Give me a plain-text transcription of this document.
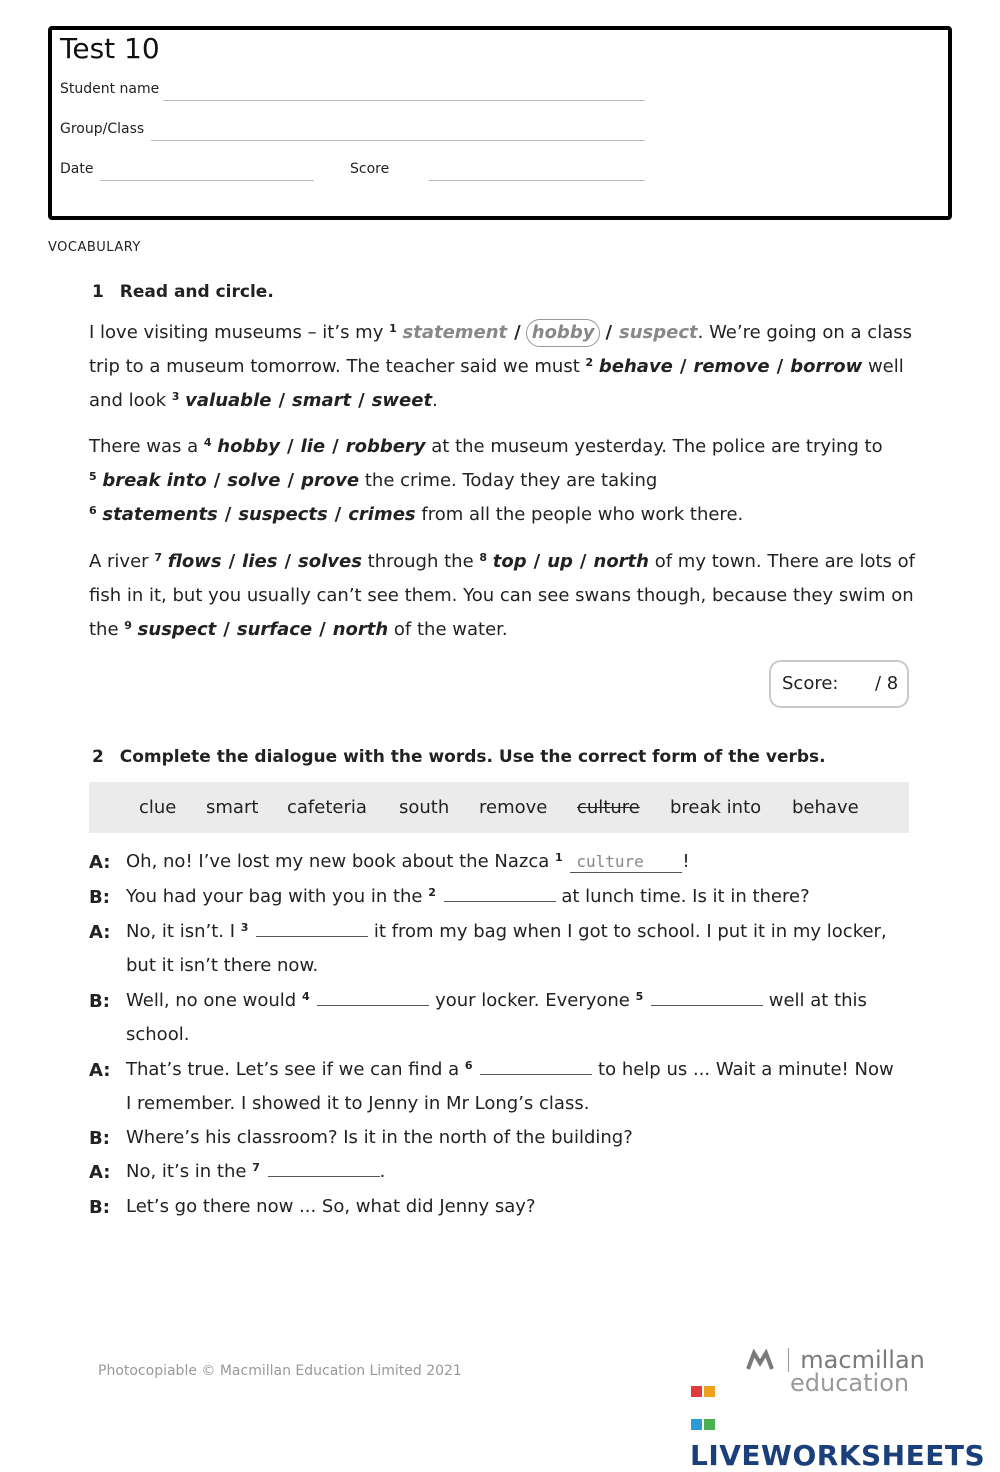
Test 10
Student name
Group/Class
Date	Score
VOCABULARY
1 Read and circle.

I love visiting museums – it’s my $^1$ statement / hobby / suspect. We’re going on a class trip to a museum tomorrow. The teacher said we must $^2$ behave / remove / borrow well and look $^3$ valuable / smart / sweet.

There was a $^4$ hobby / lie / robbery at the museum yesterday. The police are trying to
$^5$ break into / solve / prove the crime. Today they are taking
$^6$ statements / suspects / crimes from all the people who work there.

A river $^7$ flows / lies / solves through the $^8$ top / up / north of my town. There are lots of fish in it, but you usually can’t see them. You can see swans though, because they swim on the $^9$ suspect / surface / north of the water.

Score: / 8
2 Complete the dialogue with the words. Use the correct form of the verbs.
clue smart cafeteria south remove culture break into behave
A: Oh, no! I’ve lost my new book about the Nazca $^1$ culture !
B: You had your bag with you in the $^2$	at lunch time. Is it in there?
A: No, it isn’t. I $^3$	it from my bag when I got to school. I put it in my locker,
but it isn’t there now.
B: Well, no one would $^4$	your locker. Everyone $^5$	well at this
school.
A: That’s true. Let’s see if we can find a $^6$	to help us ... Wait a minute! Now
I remember. I showed it to Jenny in Mr Long’s class.
B: Where’s his classroom? Is it in the north of the building?
A: No, it’s in the $^7$	.
B: Let’s go there now ... So, what did Jenny say?
Photocopiable © Macmillan Education Limited 2021	macmillan
education

LIVEWORKSHEETS
